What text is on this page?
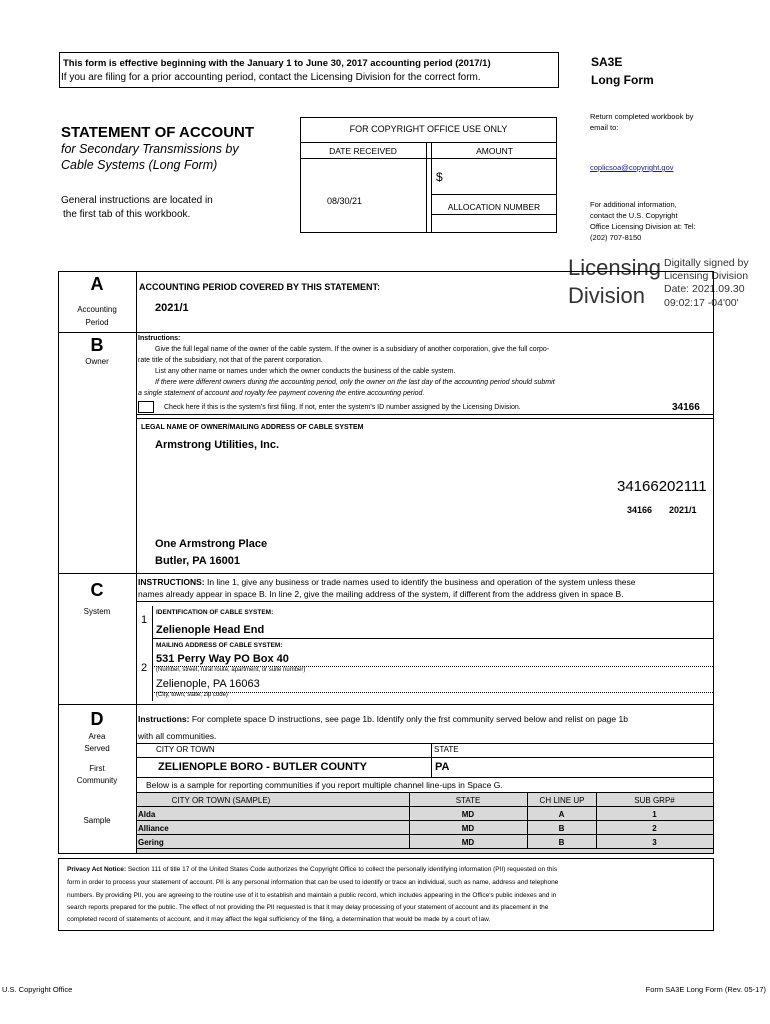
This form is effective beginning with the January 1 to June 30, 2017 accounting period (2017/1)
If you are filing for a prior accounting period, contact the Licensing Division for the correct form.
SA3E
Long Form
STATEMENT OF ACCOUNT
for Secondary Transmissions by
Cable Systems (Long Form)
General instructions are located in
the first tab of this workbook.
FOR COPYRIGHT OFFICE USE ONLY
DATE RECEIVED	AMOUNT
$
08/30/21
ALLOCATION NUMBER
Return completed workbook by
email to:
coplicsoa@copyright.gov
For additional information,
contact the U.S. Copyright
Office Licensing Division at: Tel:
(202) 707-8150
Licensing
Division
Digitally signed by
Licensing Division
Date: 2021.09.30
09:02:17 -04'00'
A
Accounting
Period
ACCOUNTING PERIOD COVERED BY THIS STATEMENT:
2021/1
B
Owner
Instructions:
Give the full legal name of the owner of the cable system. If the owner is a subsidiary of another corporation, give the full corpo-
rate title of the subsidiary, not that of the parent corporation.
List any other name or names under which the owner conducts the business of the cable system.
If there were different owners during the accounting period, only the owner on the last day of the accounting period should submit
a single statement of account and royalty fee payment covering the entire accounting period.
Check here if this is the system's first filing. If not, enter the system's ID number assigned by the Licensing Division.	34166
LEGAL NAME OF OWNER/MAILING ADDRESS OF CABLE SYSTEM
Armstrong Utilities, Inc.
34166202111
34166 2021/1
One Armstrong Place
Butler, PA 16001
C
System
INSTRUCTIONS: In line 1, give any business or trade names used to identify the business and operation of the system unless these
names already appear in space B. In line 2, give the mailing address of the system, if different from the address given in space B.
1
IDENTIFICATION OF CABLE SYSTEM:
Zelienople Head End
MAILING ADDRESS OF CABLE SYSTEM:
2
531 Perry Way PO Box 40
(Number, street, rural route, apartment, or suite number)
Zelienople, PA 16063
(City, town, state, zip code)
D
Area
Served
First
Community
Sample
Instructions: For complete space D instructions, see page 1b. Identify only the frst community served below and relist on page 1b
with all communities.
CITY OR TOWN	STATE
ZELIENOPLE BORO - BUTLER COUNTY	PA
Below is a sample for reporting communities if you report multiple channel line-ups in Space G.
CITY OR TOWN (SAMPLE)	STATE	CH LINE UP	SUB GRP#
Alda	MD	A	1
Alliance	MD	B	2
Gering	MD	B	3
Privacy Act Notice: Section 111 of title 17 of the United States Code authorizes the Copyright Office to collect the personally identifying information (PII) requested on this
form in order to process your statement of account. PII is any personal information that can be used to identify or trace an individual, such as name, address and telephone
numbers. By providing PII, you are agreeing to the routine use of it to establish and maintain a public record, which includes appearing in the Office's public indexes and in
search reports prepared for the public. The effect of not providing the PII requested is that it may delay processing of your statement of account and its placement in the
completed record of statements of account, and it may affect the legal sufficiency of the filing, a determination that would be made by a court of law.
U.S. Copyright Office	Form SA3E Long Form (Rev. 05-17)
